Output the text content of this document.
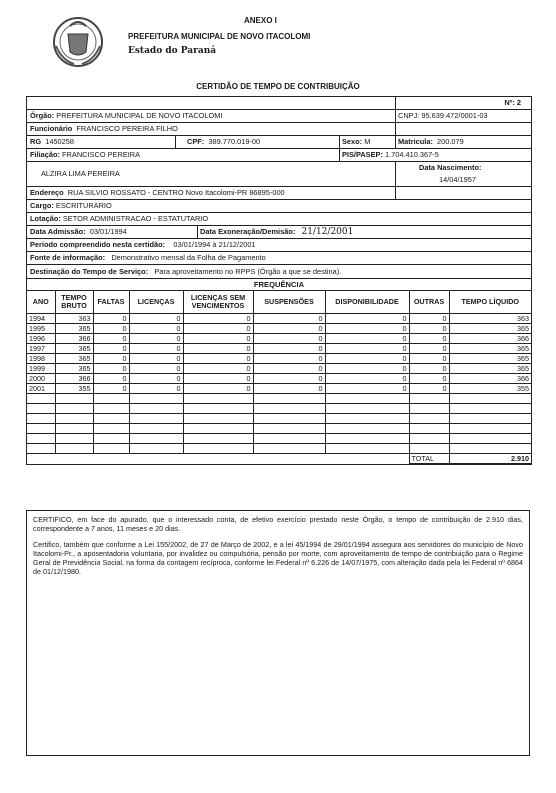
ANEXO I
PREFEITURA MUNICIPAL DE NOVO ITACOLOMI
Estado do Paraná
CERTIDÃO DE TEMPO DE CONTRIBUIÇÃO
Nº: 2
Órgão: PREFEITURA MUNICIPAL DE NOVO ITACOLOMI	CNPJ: 95.639.472/0001-03
Funcionário FRANCISCO PEREIRA FILHO
RG 1450258	CPF: 389.770.019-00	Sexo: M	Matricula: 200.079
Filiação: FRANCISCO PEREIRA	PIS/PASEP: 1.704.410.367-5
ALZIRA LIMA PEREIRA
Data Nascimento:
14/04/1957
Endereço RUA SILVIO ROSSATO - CENTRO Novo Itacolomi-PR 86895-000
Cargo: ESCRITURARIO
Lotação: SETOR ADMINISTRACAO - ESTATUTARIO
Data Admissão: 03/01/1994	Data Exoneração/Demisão: 21/12/2001
Período compreendido nesta certidão: 03/01/1994 à 21/12/2001
Fonte de informação: Demonstrativo mensal da Folha de Pagamento
Destinação do Tempo de Serviço: Para aproveitamento no RPPS (Órgão a que se destina).
FREQUÊNCIA
ANO	TEMPO BRUTO	FALTAS	LICENÇAS	LICENÇAS SEM VENCIMENTOS	SUSPENSÕES	DISPONIBILIDADE	OUTRAS	TEMPO LÍQUIDO
1994	363	0	0	0	0	0	0	363
1995	365	0	0	0	0	0	0	365
1996	366	0	0	0	0	0	0	366
1997	365	0	0	0	0	0	0	365
1998	365	0	0	0	0	0	0	365
1999	365	0	0	0	0	0	0	365
2000	366	0	0	0	0	0	0	366
2001	355	0	0	0	0	0	0	355

							TOTAL	2.910

CERTIFICO, em face do apurado, que o interessado conta, de efetivo exercício prestado neste Órgão, o tempo de contribuição de 2.910 dias, correspondente a 7 anos, 11 meses e 20 dias.

Certifico, também que conforme a Lei 155/2002, de 27 de Março de 2002, e a lei 45/1994 de 29/01/1994 assegura aos servidores do município de Novo Itacolomi-Pr., a aposentadoria voluntaria, por invalidez ou compulsória, pensão por morte, com aproveitamento de tempo de contribuição para o Regime Geral de Previdência Social, na forma da contagem recíproca, conforme lei Federal nº 6.226 de 14/07/1975, com alteração dada pela lei Federal nº 6864 de 01/12/1980.
